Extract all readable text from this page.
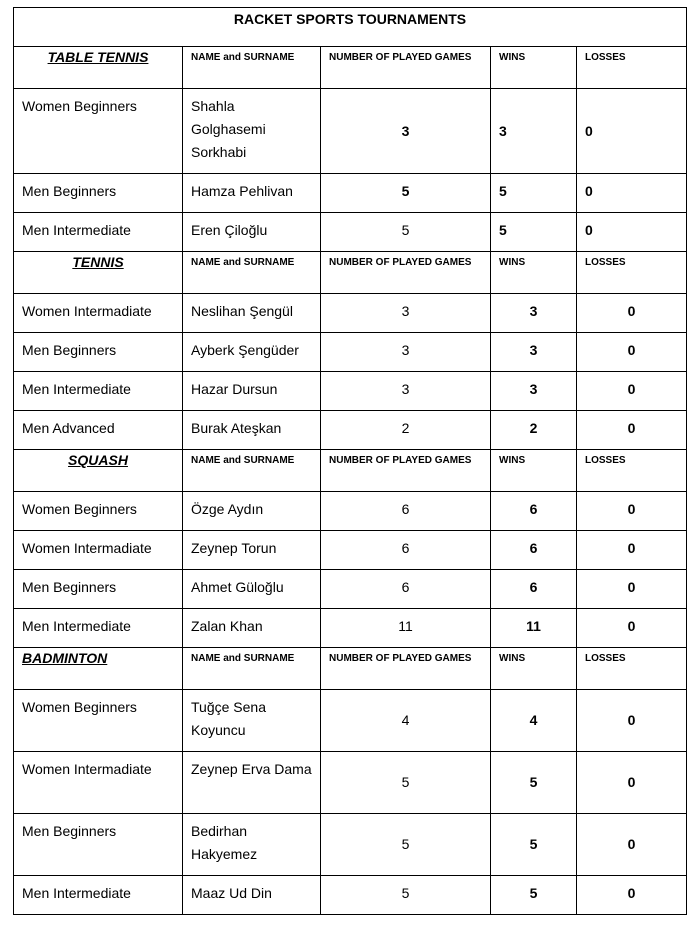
RACKET SPORTS TOURNAMENTS				
TABLE TENNIS	NAME and SURNAME	NUMBER OF PLAYED GAMES	WINS	LOSSES
Women Beginners	Shahla Golghasemi Sorkhabi	3	3	0
Men Beginners	Hamza Pehlivan	5	5	0
Men Intermediate	Eren Çiloğlu	5	5	0
TENNIS	NAME and SURNAME	NUMBER OF PLAYED GAMES	WINS	LOSSES
Women Intermadiate	Neslihan Şengül	3	3	0
Men Beginners	Ayberk Şengüder	3	3	0
Men Intermediate	Hazar Dursun	3	3	0
Men Advanced	Burak Ateşkan	2	2	0
SQUASH	NAME and SURNAME	NUMBER OF PLAYED GAMES	WINS	LOSSES
Women Beginners	Özge Aydın	6	6	0
Women Intermadiate	Zeynep Torun	6	6	0
Men Beginners	Ahmet Güloğlu	6	6	0
Men Intermediate	Zalan Khan	11	11	0
BADMINTON	NAME and SURNAME	NUMBER OF PLAYED GAMES	WINS	LOSSES
Women Beginners	Tuğçe Sena Koyuncu	4	4	0
Women Intermadiate	Zeynep Erva Dama	5	5	0
Men Beginners	Bedirhan Hakyemez	5	5	0
Men Intermediate	Maaz Ud Din	5	5	0
